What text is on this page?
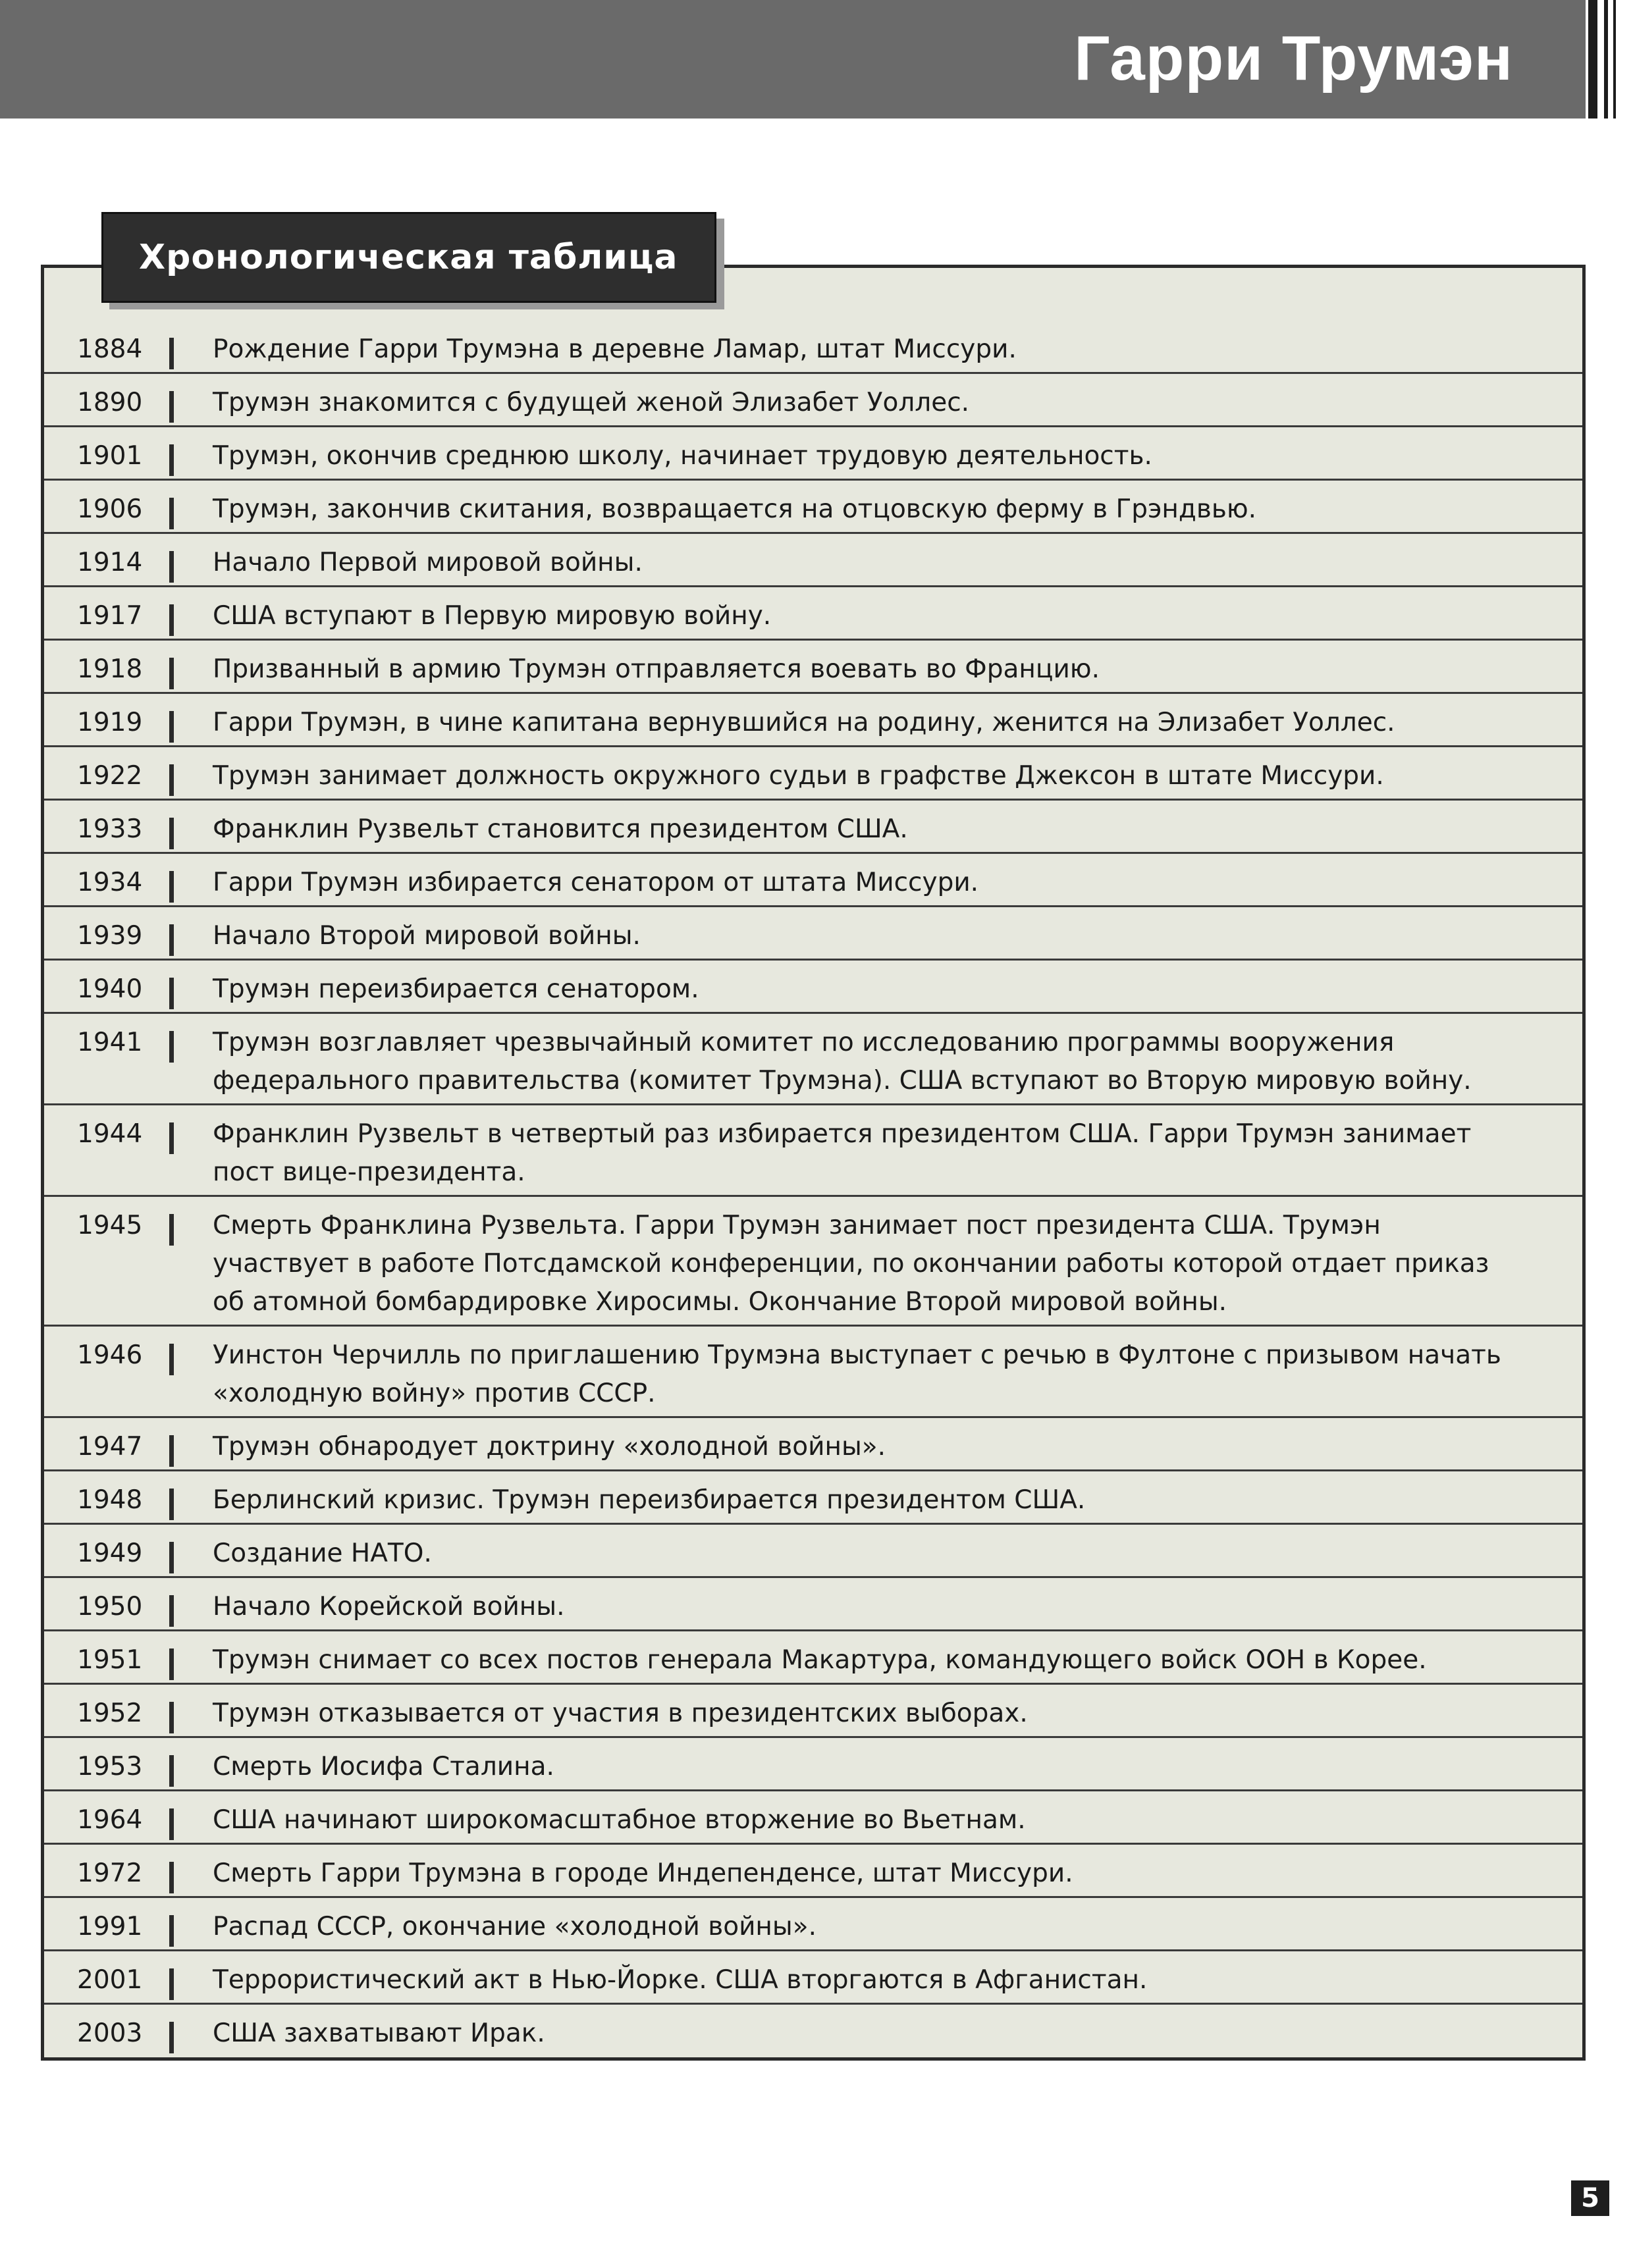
Гарри Трумэн
1884	Рождение Гарри Трумэна в деревне Ламар, штат Миссури.
1890	Трумэн знакомится с будущей женой Элизабет Уоллес.
1901	Трумэн, окончив среднюю школу, начинает трудовую деятельность.
1906	Трумэн, закончив скитания, возвращается на отцовскую ферму в Грэндвью.
1914	Начало Первой мировой войны.
1917	США вступают в Первую мировую войну.
1918	Призванный в армию Трумэн отправляется воевать во Францию.
1919	Гарри Трумэн, в чине капитана вернувшийся на родину, женится на Элизабет Уоллес.
1922	Трумэн занимает должность окружного судьи в графстве Джексон в штате Миссури.
1933	Франклин Рузвельт становится президентом США.
1934	Гарри Трумэн избирается сенатором от штата Миссури.
1939	Начало Второй мировой войны.
1940	Трумэн переизбирается сенатором.
1941	Трумэн возглавляет чрезвычайный комитет по исследованию программы вооружения федерального правительства (комитет Трумэна). США вступают во Вторую мировую войну.
1944	Франклин Рузвельт в четвертый раз избирается президентом США. Гарри Трумэн занимает пост вице-президента.
1945	Смерть Франклина Рузвельта. Гарри Трумэн занимает пост президента США. Трумэн участвует в работе Потсдамской конференции, по окончании работы которой отдает приказ об атомной бомбардировке Хиросимы. Окончание Второй мировой войны.
1946	Уинстон Черчилль по приглашению Трумэна выступает с речью в Фултоне с призывом начать «холодную войну» против СССР.
1947	Трумэн обнародует доктрину «холодной войны».
1948	Берлинский кризис. Трумэн переизбирается президентом США.
1949	Создание НАТО.
1950	Начало Корейской войны.
1951	Трумэн снимает со всех постов генерала Макартура, командующего войск ООН в Корее.
1952	Трумэн отказывается от участия в президентских выборах.
1953	Смерть Иосифа Сталина.
1964	США начинают широкомасштабное вторжение во Вьетнам.
1972	Смерть Гарри Трумэна в городе Индепенденсе, штат Миссури.
1991	Распад СССР, окончание «холодной войны».
2001	Террористический акт в Нью-Йорке. США вторгаются в Афганистан.
2003	США захватывают Ирак.
Хронологическая таблица
5
